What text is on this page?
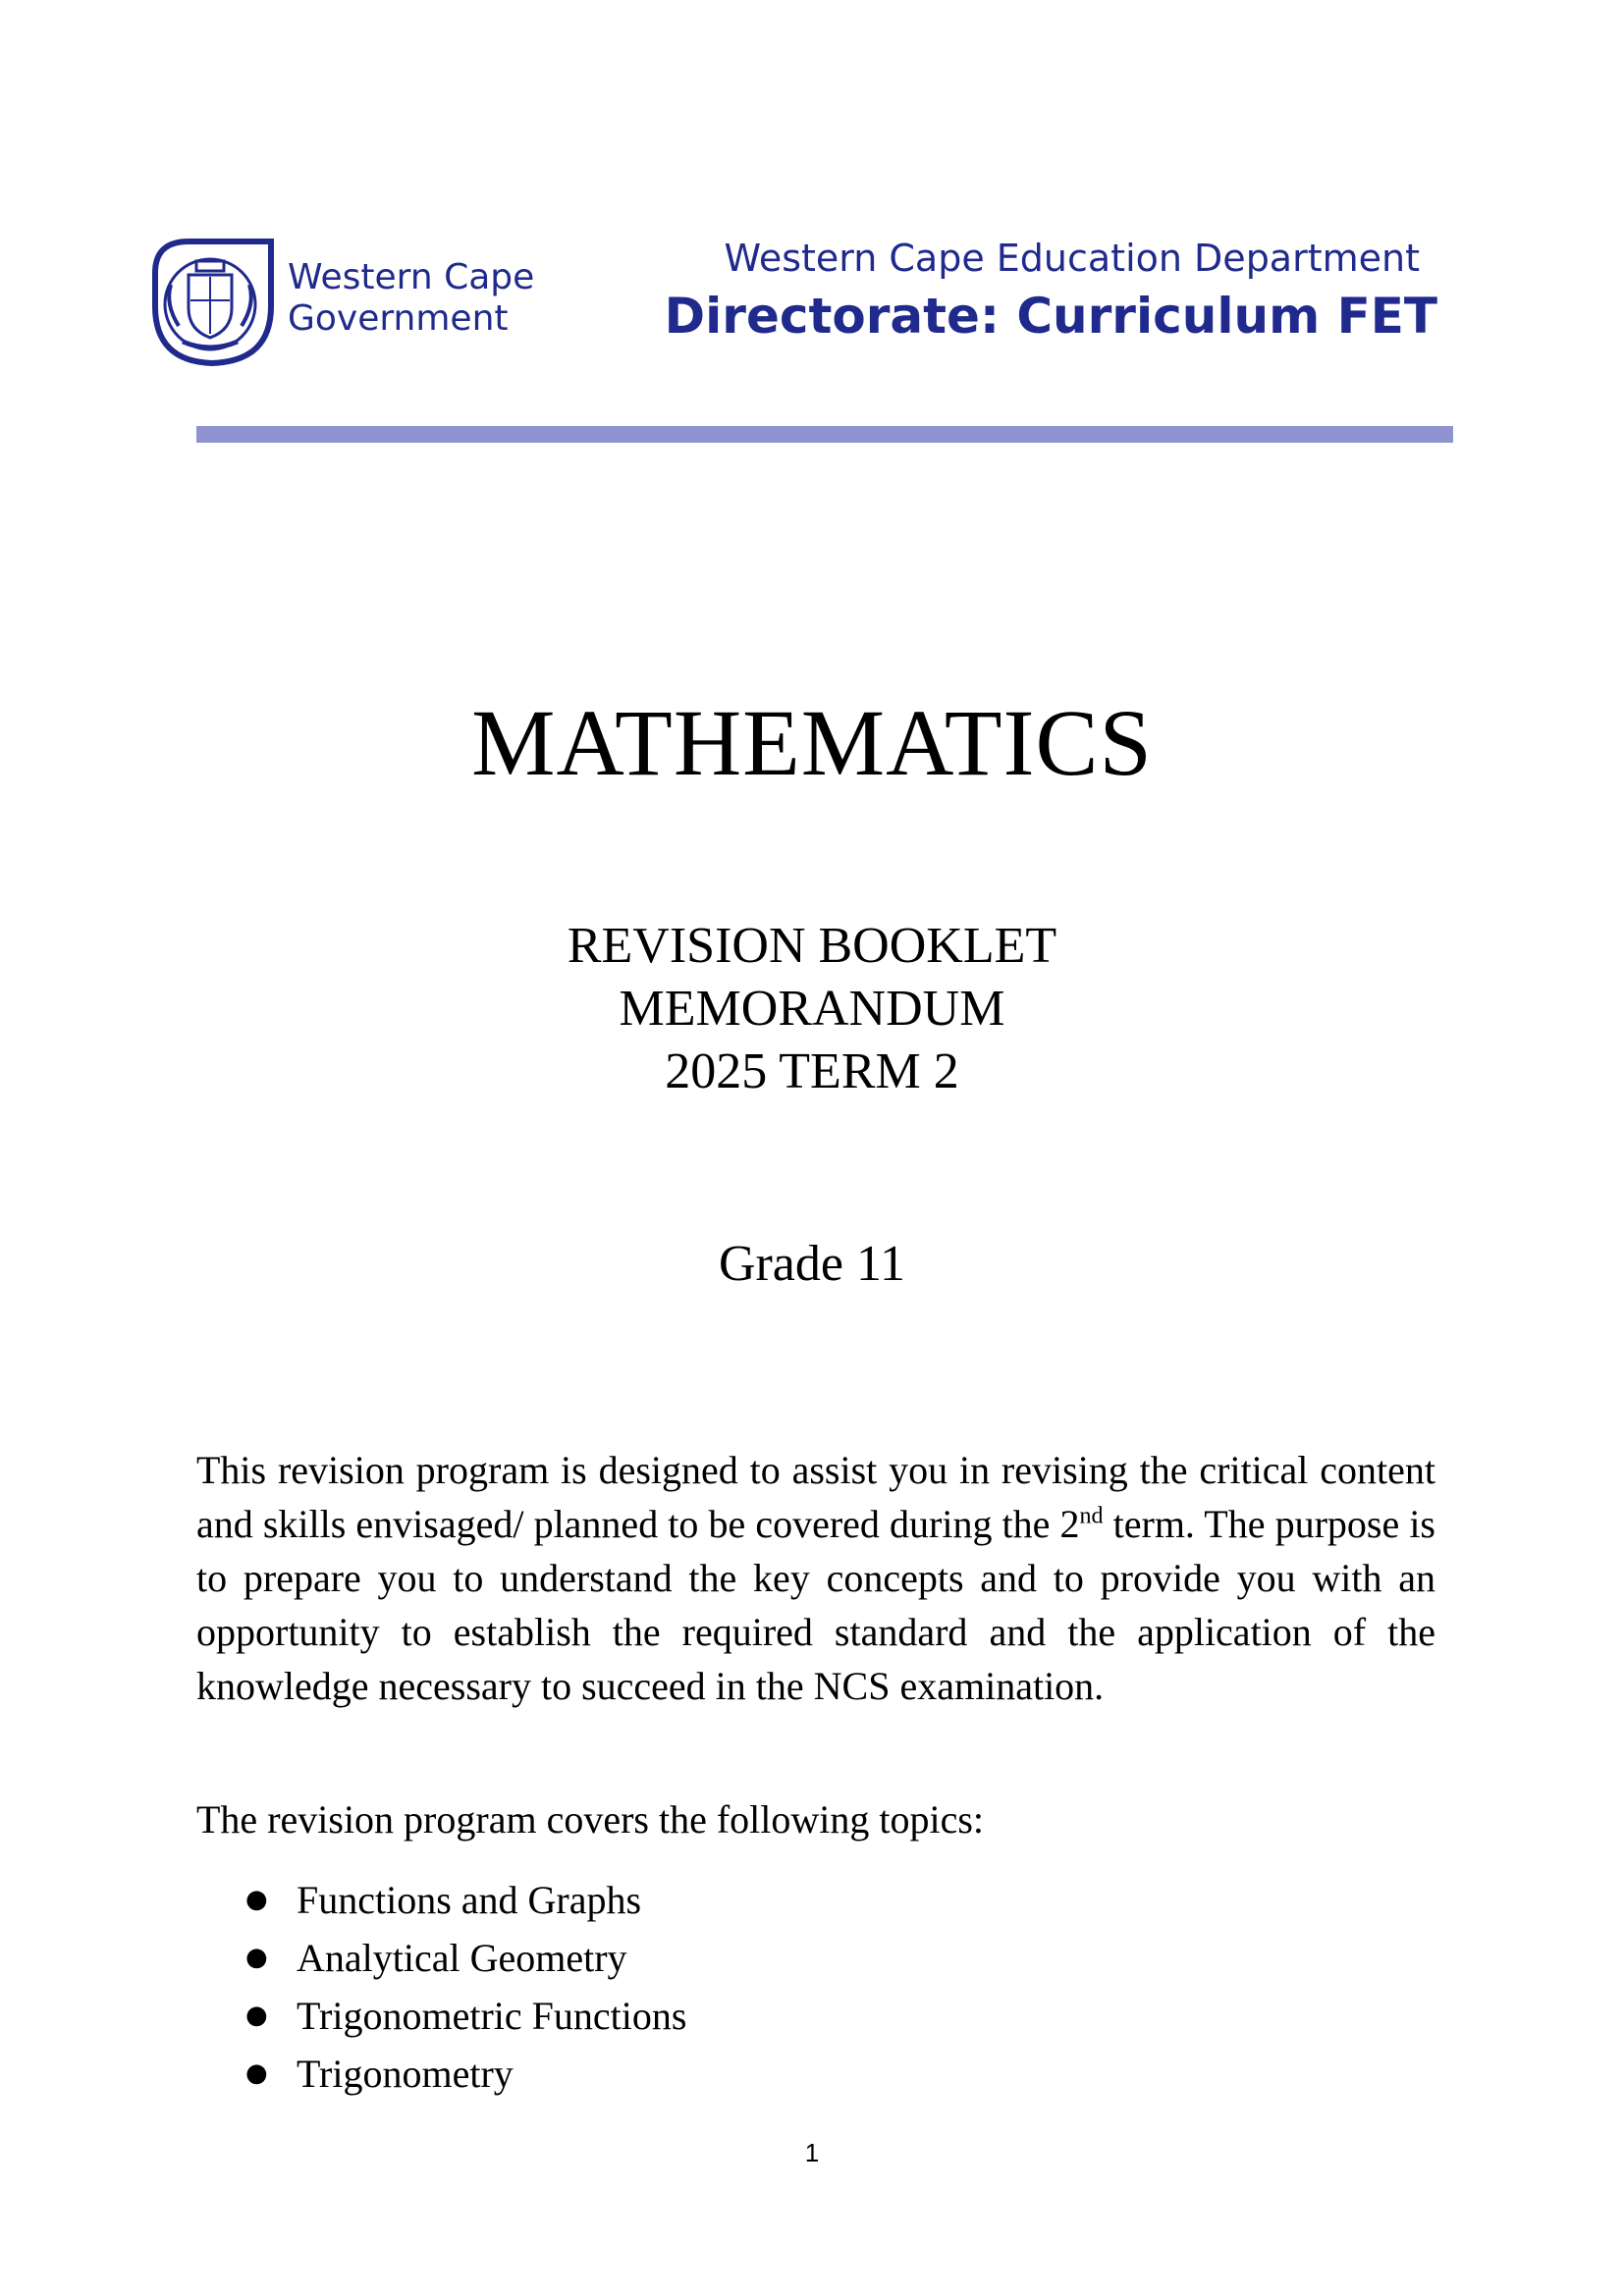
Western Cape
Government
Western Cape Education Department
Directorate: Curriculum FET
MATHEMATICS
REVISION BOOKLET
MEMORANDUM
2025 TERM 2
Grade 11

This revision program is designed to assist you in revising the critical content and skills envisaged/ planned to be covered during the 2nd term. The purpose is to prepare you to understand the key concepts and to provide you with an opportunity to establish the required standard and the application of the knowledge necessary to succeed in the NCS examination.

The revision program covers the following topics:

● Functions and Graphs
● Analytical Geometry
● Trigonometric Functions
● Trigonometry
1
